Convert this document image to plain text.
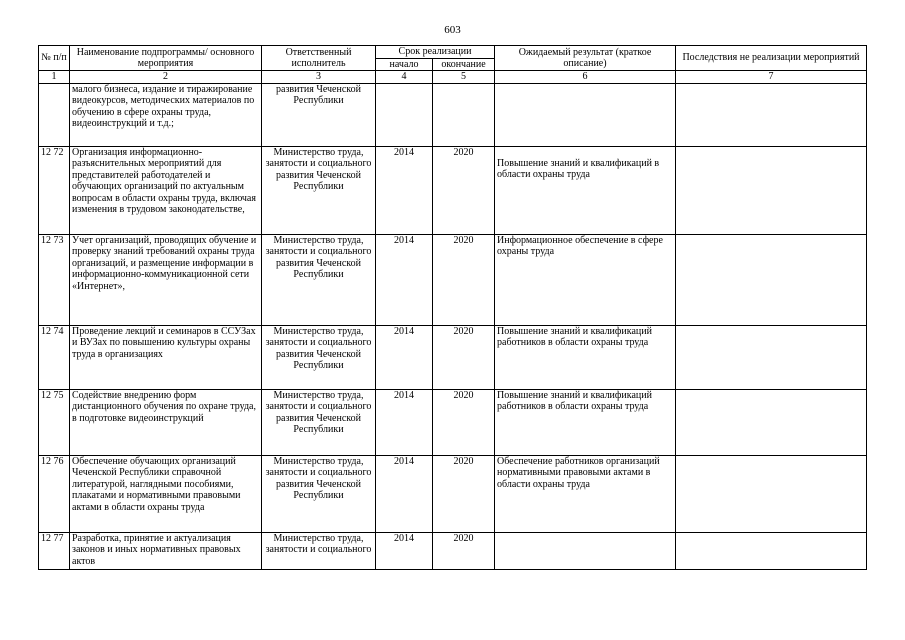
603
№ п/п	Наименование подпрограммы/ основного мероприятия	Ответственный исполнитель	Срок реализации		Ожидаемый результат (краткое описание)	Последствия не реализации мероприятий
			начало	окончание		
1	2	3	4	5	6	7
	малого бизнеса, издание и тиражирование видеокурсов, методических материалов по обучению в сфере охраны труда, видеоинструкций и т.д.;	развития Чеченской Республики				
12 72	Организация информационно-разъяснительных мероприятий для представителей работодателей и обучающих организаций по актуальным вопросам в области охраны труда, включая изменения в трудовом законодательстве,	Министерство труда, занятости и социального развития Чеченской Республики	2014	2020	Повышение знаний и квалификаций в области охраны труда	
12 73	Учет организаций, проводящих обучение и проверку знаний требований охраны труда организаций, и размещение информации в информационно-коммуникационной сети «Интернет»,	Министерство труда, занятости и социального развития Чеченской Республики	2014	2020	Информационное обеспечение в сфере охраны труда	
12 74	Проведение лекций и семинаров в ССУЗах и ВУЗах по повышению культуры охраны труда в организациях	Министерство труда, занятости и социального развития Чеченской Республики	2014	2020	Повышение знаний и квалификаций работников в области охраны труда	
12 75	Содействие внедрению форм дистанционного обучения по охране труда, в подготовке видеоинструкций	Министерство труда, занятости и социального развития Чеченской Республики	2014	2020	Повышение знаний и квалификаций работников в области охраны труда	
12 76	Обеспечение обучающих организаций Чеченской Республики справочной литературой, наглядными пособиями, плакатами и нормативными правовыми актами в области охраны труда	Министерство труда, занятости и социального развития Чеченской Республики	2014	2020	Обеспечение работников организаций нормативными правовыми актами в области охраны труда	
12 77	Разработка, принятие и актуализация законов и иных нормативных правовых актов	Министерство труда, занятости и социального	2014	2020		
